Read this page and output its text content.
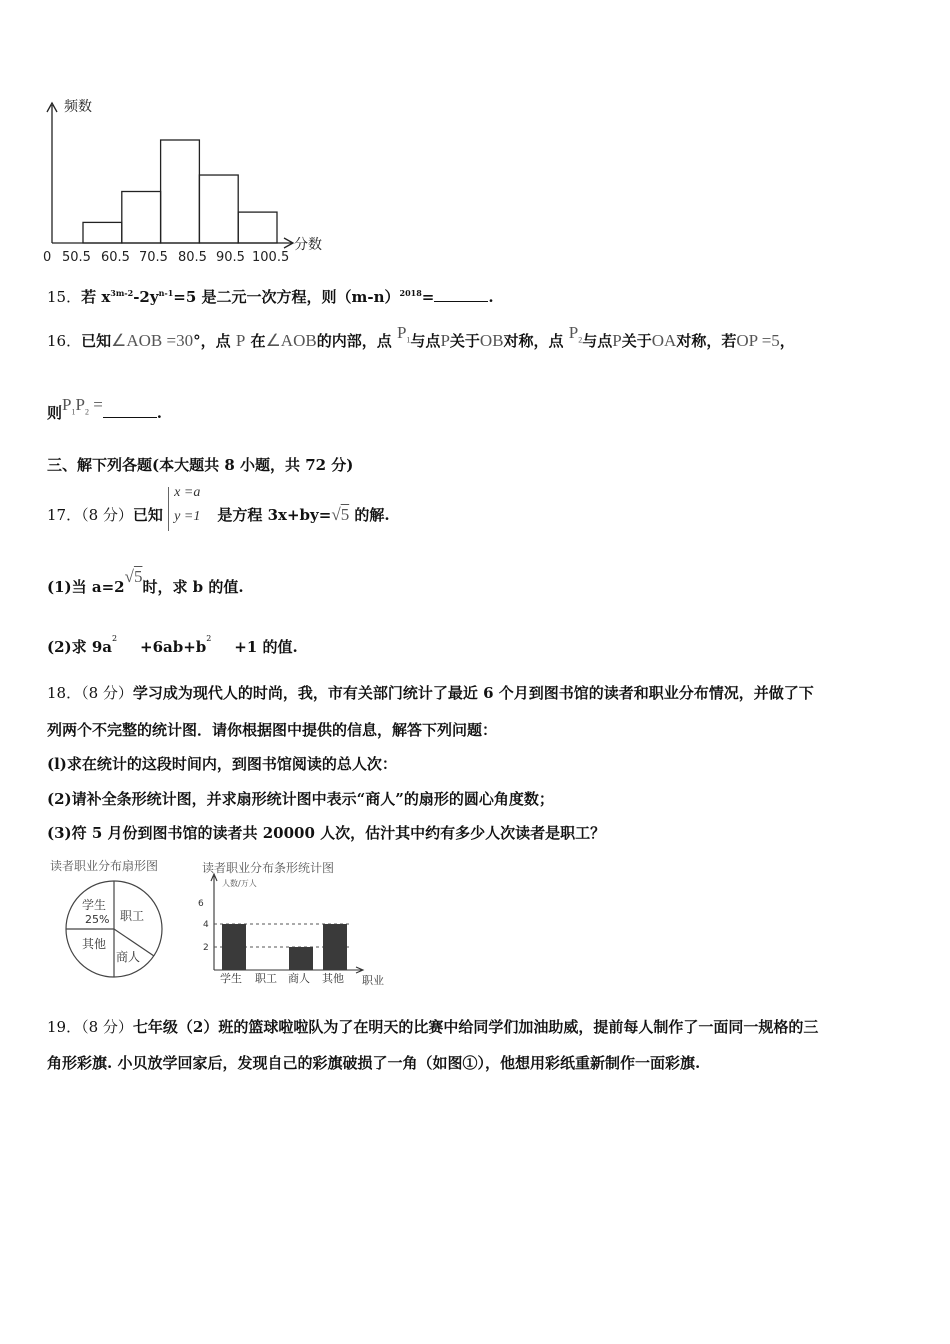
频数
分数
0 50.5 60.5 70.5 80.5 90.5 100.5
15．若 $x^{3m-2}-2y^{n-1}=5$ 是二元一次方程，则$(m-n)^{2018}=$	.
16．已知∠AOB =30°，点 P 在∠AOB的内部，点 $P_1$与点P关于OB对称，点 $P_2$与点P关于OA对称，若OP =5，
则$P_1P_2$ =	.
三、解下列各题(本大题共 8 小题，共 72 分)
17．（8 分）已知
x =a
y =1 是方程 3x+by=√5 的解.
(1)当 a=2√5时，求 b 的值.
(2)求 9a 2 +6ab+b 2 +1 的值.
18．（8 分）学习成为现代人的时尚，我，市有关部门统计了最近 6 个月到图书馆的读者和职业分布情况，并做了下
列两个不完整的统计图．请你根据图中提供的信息，解答下列问题：
(l)求在统计的这段时间内，到图书馆阅读的总人次：
(2)请补全条形统计图，并求扇形统计图中表示“商人”的扇形的圆心角度数；
(3)符 5 月份到图书馆的读者共 20000 人次，估汁其中约有多少人次读者是职工？
读者职业分布扇形图
学生
25% 职工
其他
商人
读者职业分布条形统计图
人数/万人
6
4
2
学生 职工 商人 其他 职业
19．（8 分）七年级（2）班的篮球啦啦队为了在明天的比赛中给同学们加油助威，提前每人制作了一面同一规格的三
角形彩旗. 小贝放学回家后，发现自己的彩旗破损了一角（如图①），他想用彩纸重新制作一面彩旗.
